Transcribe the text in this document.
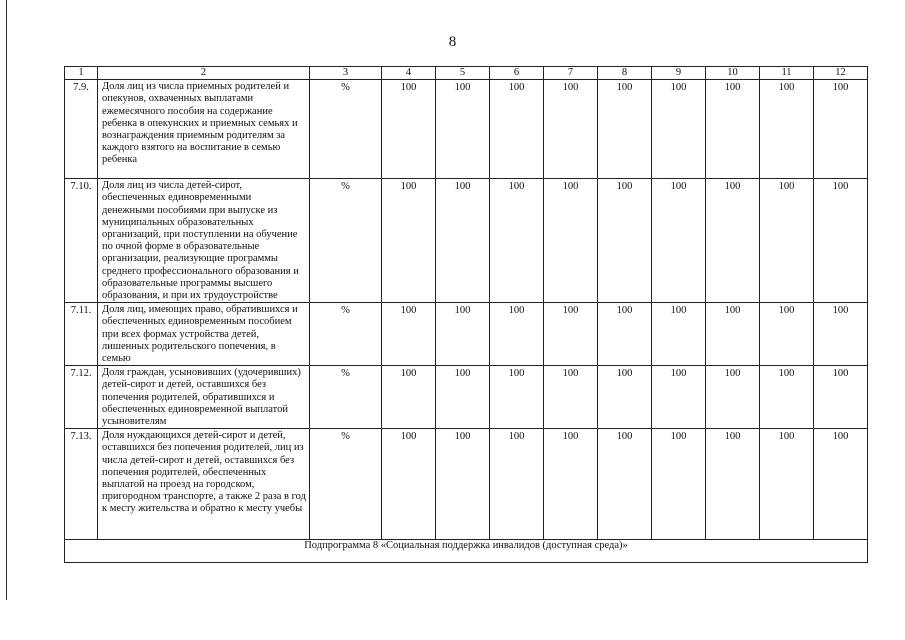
8
1	2	3	4	5	6	7	8	9	10	11	12
7.9.	Доля лиц из числа приемных родителей и опекунов, охваченных выплатами ежемесячного пособия на содержание ребенка в опекунских и приемных семьях и вознаграждения приемным родителям за каждого взятого на воспитание в семью ребенка	%	100	100	100	100	100	100	100	100	100
7.10.	Доля лиц из числа детей-сирот, обеспеченных единовременными денежными пособиями при выпуске из муниципальных образовательных организаций, при поступлении на обучение по очной форме в образовательные организации, реализующие программы среднего профессионального образования и образовательные программы высшего образования, и при их трудоустройстве	%	100	100	100	100	100	100	100	100	100
7.11.	Доля лиц, имеющих право, обратившихся и обеспеченных единовременным пособием при всех формах устройства детей, лишенных родительского попечения, в семью	%	100	100	100	100	100	100	100	100	100
7.12.	Доля граждан, усыновивших (удочеривших) детей-сирот и детей, оставшихся без попечения родителей, обратившихся и обеспеченных единовременной выплатой усыновителям	%	100	100	100	100	100	100	100	100	100
7.13.	Доля нуждающихся детей-сирот и детей, оставшихся без попечения родителей, лиц из числа детей-сирот и детей, оставшихся без попечения родителей, обеспеченных выплатой на проезд на городском, пригородном транспорте, а также 2 раза в год к месту жительства и обратно к месту учебы	%	100	100	100	100	100	100	100	100	100
Подпрограмма 8 «Социальная поддержка инвалидов (доступная среда)»											
